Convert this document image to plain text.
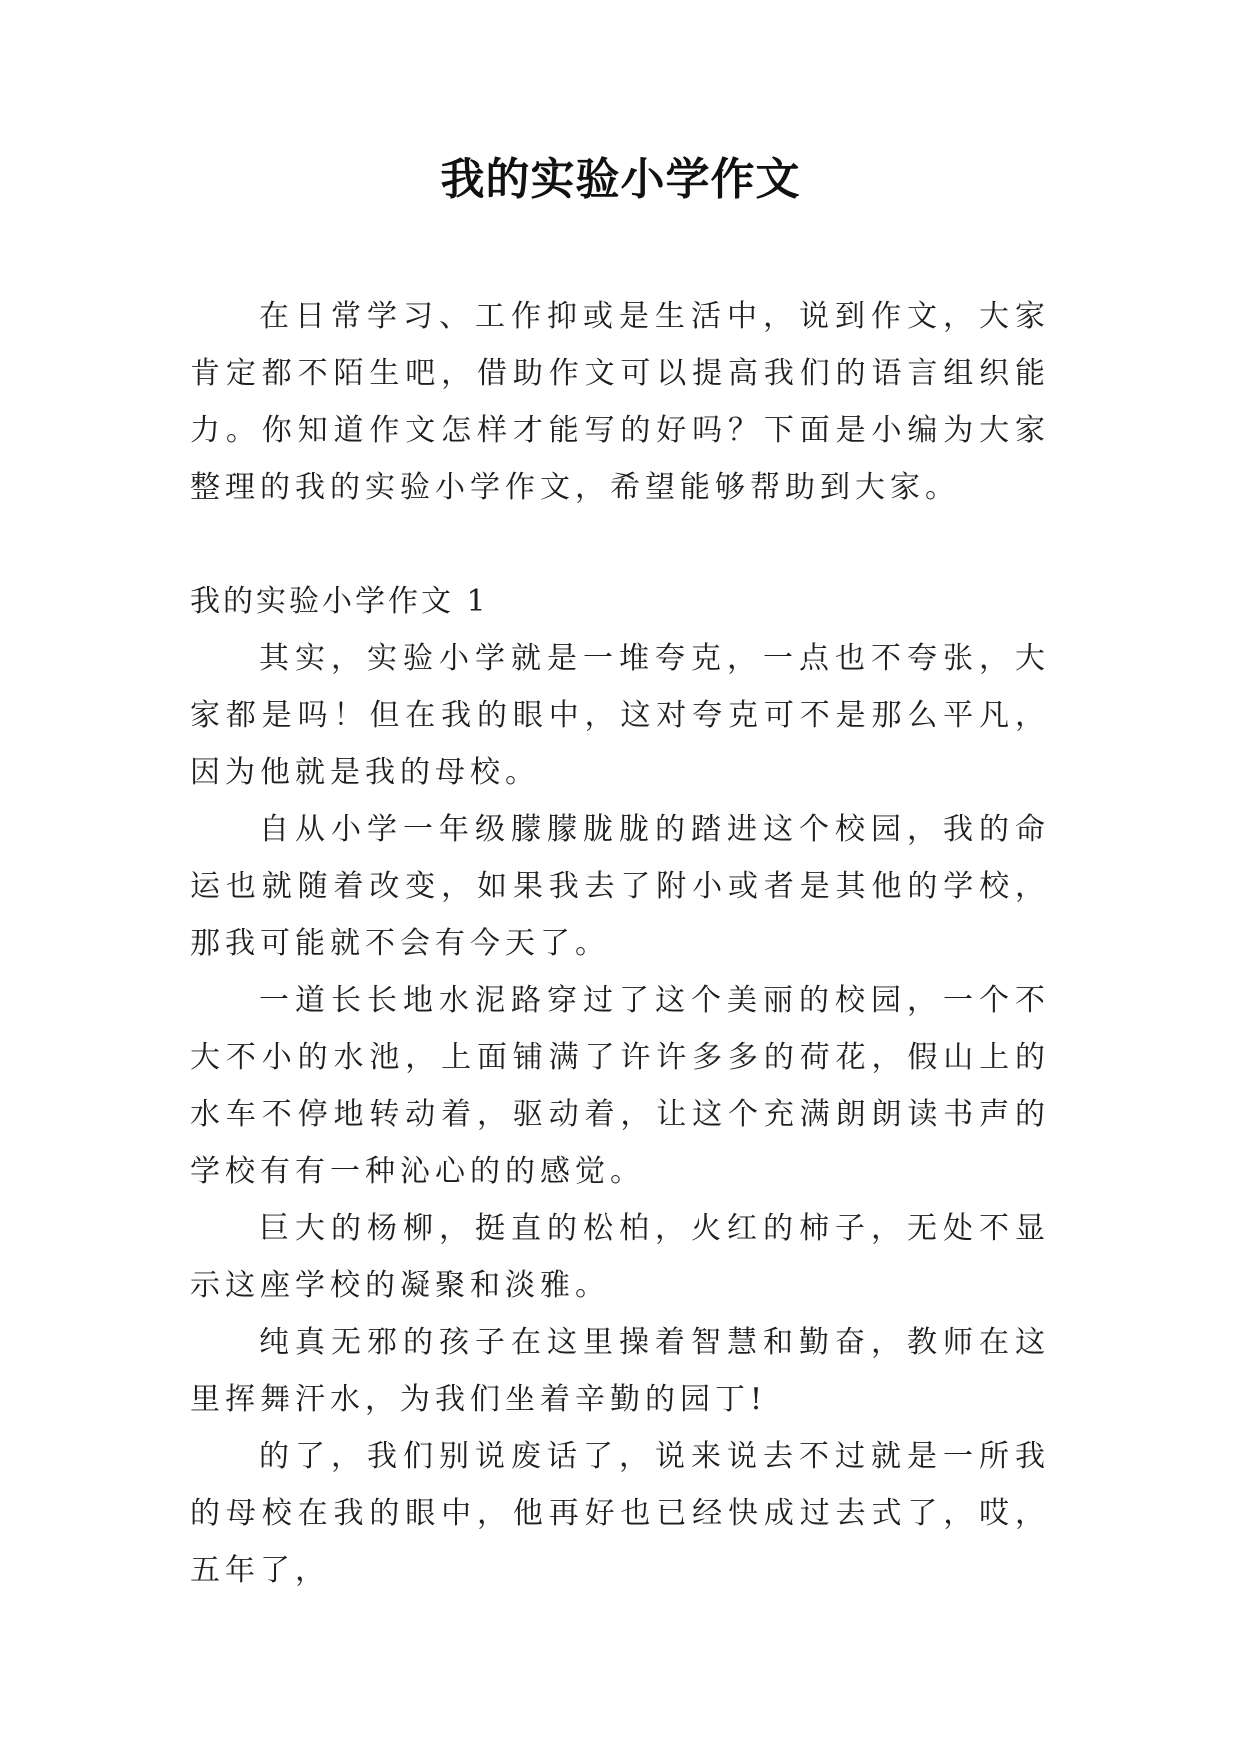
我的实验小学作文

在日常学习、工作抑或是生活中，说到作文，大家肯定都不陌生吧，借助作文可以提高我们的语言组织能力。你知道作文怎样才能写的好吗？下面是小编为大家整理的我的实验小学作文，希望能够帮助到大家。

我的实验小学作文 1

其实，实验小学就是一堆夸克，一点也不夸张，大家都是吗！但在我的眼中，这对夸克可不是那么平凡，因为他就是我的母校。

自从小学一年级朦朦胧胧的踏进这个校园，我的命运也就随着改变，如果我去了附小或者是其他的学校，那我可能就不会有今天了。

一道长长地水泥路穿过了这个美丽的校园，一个不大不小的水池，上面铺满了许许多多的荷花，假山上的水车不停地转动着，驱动着，让这个充满朗朗读书声的学校有有一种沁心的的感觉。

巨大的杨柳，挺直的松柏，火红的柿子，无处不显示这座学校的凝聚和淡雅。

纯真无邪的孩子在这里操着智慧和勤奋，教师在这里挥舞汗水，为我们坐着辛勤的园丁!

的了，我们别说废话了，说来说去不过就是一所我的母校在我的眼中，他再好也已经快成过去式了，哎，五年了，
